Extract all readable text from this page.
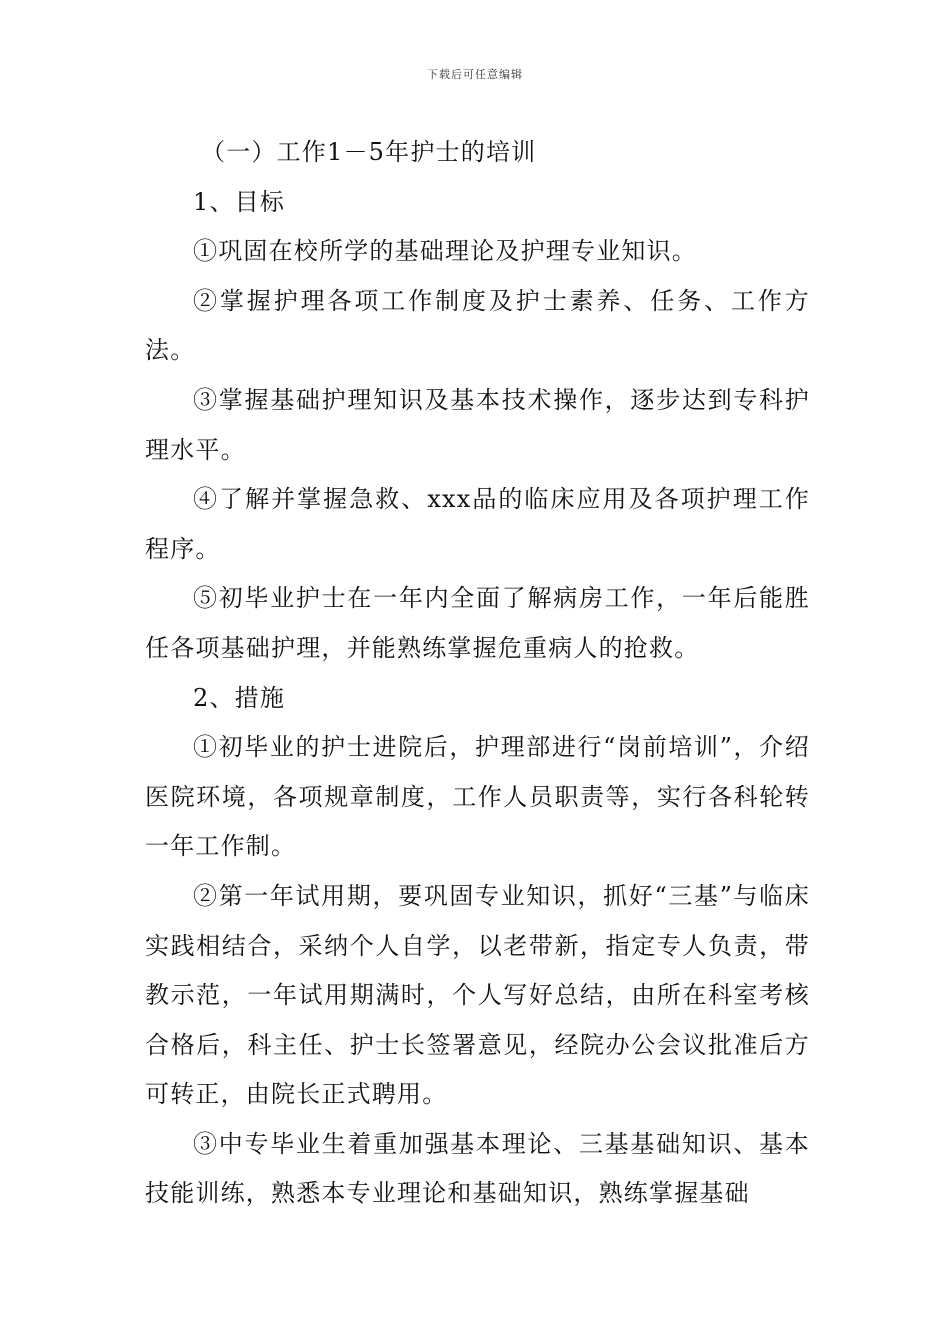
下载后可任意编辑

（一）工作1－5年护士的培训

1、目标

①巩固在校所学的基础理论及护理专业知识。

②掌握护理各项工作制度及护士素养、任务、工作方法。

③掌握基础护理知识及基本技术操作，逐步达到专科护理水平。

④了解并掌握急救、xxx品的临床应用及各项护理工作程序。

⑤初毕业护士在一年内全面了解病房工作，一年后能胜任各项基础护理，并能熟练掌握危重病人的抢救。

2、措施

①初毕业的护士进院后，护理部进行“岗前培训”，介绍医院环境，各项规章制度，工作人员职责等，实行各科轮转一年工作制。

②第一年试用期，要巩固专业知识，抓好“三基”与临床实践相结合，采纳个人自学，以老带新，指定专人负责，带教示范，一年试用期满时，个人写好总结，由所在科室考核合格后，科主任、护士长签署意见，经院办公会议批准后方可转正，由院长正式聘用。

③中专毕业生着重加强基本理论、三基基础知识、基本技能训练，熟悉本专业理论和基础知识，熟练掌握基础
